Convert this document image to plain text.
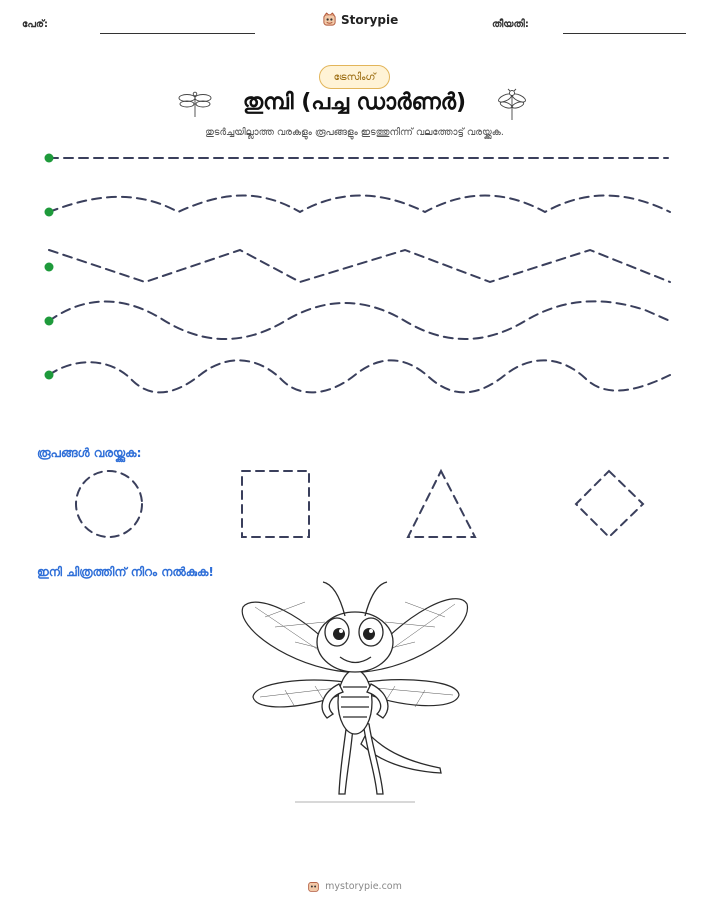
പേര്:	Storypie	തീയതി:
ട്രേസിംഗ്
തുമ്പി (പച്ച ഡാർണർ)
തുടർച്ചയില്ലാത്ത വരകളും രൂപങ്ങളും ഇടത്തുനിന്ന് വലത്തോട്ട് വരയ്ക്കുക.
രൂപങ്ങൾ വരയ്ക്കുക:
ഇനി ചിത്രത്തിന് നിറം നൽകുക!
mystorypie.com
